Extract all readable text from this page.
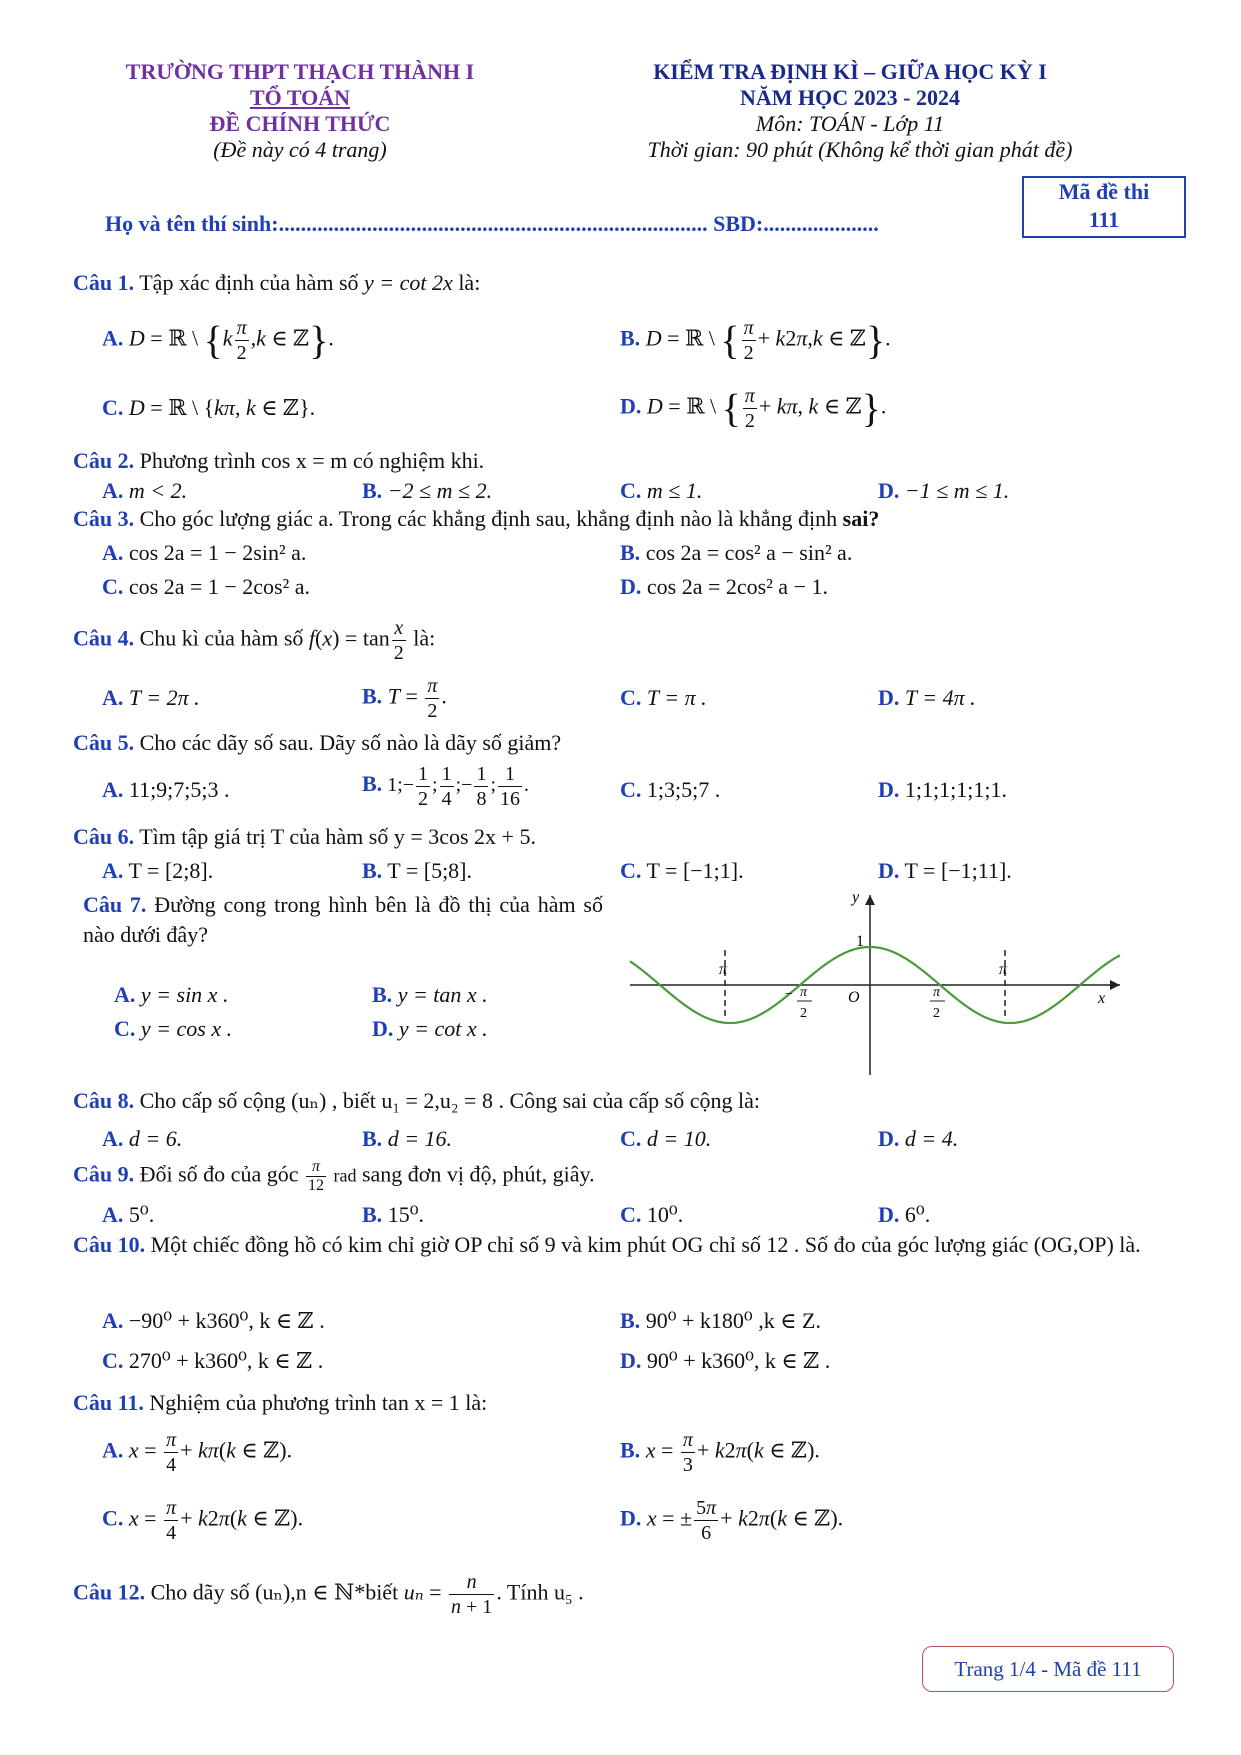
TRƯỜNG THPT THẠCH THÀNH I
TỔ TOÁN
ĐỀ CHÍNH THỨC
(Đề này có 4 trang)
KIỂM TRA ĐỊNH KÌ – GIỮA HỌC KỲ I
NĂM HỌC 2023 - 2024
Môn: TOÁN - Lớp 11
Thời gian: 90 phút (Không kể thời gian phát đề)
Mã đề thi
111
Họ và tên thí sinh:.............................................................................. SBD:.....................
Câu 1. Tập xác định của hàm số y = cot 2x là:
A. D = ℝ \ {$k \frac{\pi}{2} ,k$ ∈ ℤ}.	B. D = ℝ \ { $\frac{\pi}{2} + k2\pi,k$ ∈ ℤ}.
C. D = ℝ \ {kπ, k ∈ ℤ}.	D. D = ℝ \ { $\frac{\pi}{2} + k\pi$, k ∈ ℤ}.
Câu 2. Phương trình cos x = m có nghiệm khi.
A. m < 2.	B. −2 ≤ m ≤ 2.	C. m ≤ 1.	D. −1 ≤ m ≤ 1.
Câu 3. Cho góc lượng giác a. Trong các khẳng định sau, khẳng định nào là khẳng định sai?
A. cos 2a = 1 − 2sin² a.	B. cos 2a = cos² a − sin² a.
C. cos 2a = 1 − 2cos² a.	D. cos 2a = 2cos² a − 1.
Câu 4. Chu kì của hàm số $f(x) = \tan \frac{x}{2}$ là:
A. T = 2π .	B. $T = \frac{\pi}{2}$ .	C. T = π .	D. T = 4π .
Câu 5. Cho các dãy số sau. Dãy số nào là dãy số giảm?
A. 11;9;7;5;3 .	B. 1;− $\frac{1}{2}$ ; $\frac{1}{4}$ ;− $\frac{1}{8}$ ; $\frac{1}{16}$ .	C. 1;3;5;7 .	D. 1;1;1;1;1;1.
Câu 6. Tìm tập giá trị T của hàm số y = 3cos 2x + 5.
A. T = [2;8].	B. T = [5;8].	C. T = [−1;1].	D. T = [−1;11].
Câu 7. Đường cong trong hình bên là đồ thị của hàm số nào dưới đây?
A. y = sin x .	B. y = tan x .
C. y = cos x .	D. y = cot x .
y
x
O
1
π	π
− π
2
π
2
Câu 8. Cho cấp số cộng (uₙ) , biết u₁ = 2,u₂ = 8 . Công sai của cấp số cộng là:
A. d = 6.	B. d = 16.	C. d = 10.	D. d = 4.
Câu 9. Đổi số đo của góc $\frac{\pi}{12}$ rad sang đơn vị độ, phút, giây.
A. 5⁰.	B. 15⁰.	C. 10⁰.	D. 6⁰.
Câu 10. Một chiếc đồng hồ có kim chỉ giờ OP chỉ số 9 và kim phút OG chỉ số 12 . Số đo của góc lượng giác (OG,OP) là.
A. −90⁰ + k360⁰, k ∈ ℤ .	B. 90⁰ + k180⁰ ,k ∈ Z.
C. 270⁰ + k360⁰, k ∈ ℤ .	D. 90⁰ + k360⁰, k ∈ ℤ .
Câu 11. Nghiệm của phương trình tan x = 1 là:
A. $x = \frac{\pi}{4} + k\pi(k$ ∈ ℤ).	B. $x = \frac{\pi}{3} + k2\pi(k$ ∈ ℤ).
C. $x = \frac{\pi}{4} + k2\pi(k$ ∈ ℤ).	D. x = ± $\frac{5\pi}{6} + k2\pi(k$ ∈ ℤ).
Câu 12. Cho dãy số (uₙ),n ∈ ℕ*biết $u_n = \frac{n}{n + 1}$ . Tính u₅ .
Trang 1/4 - Mã đề 111
